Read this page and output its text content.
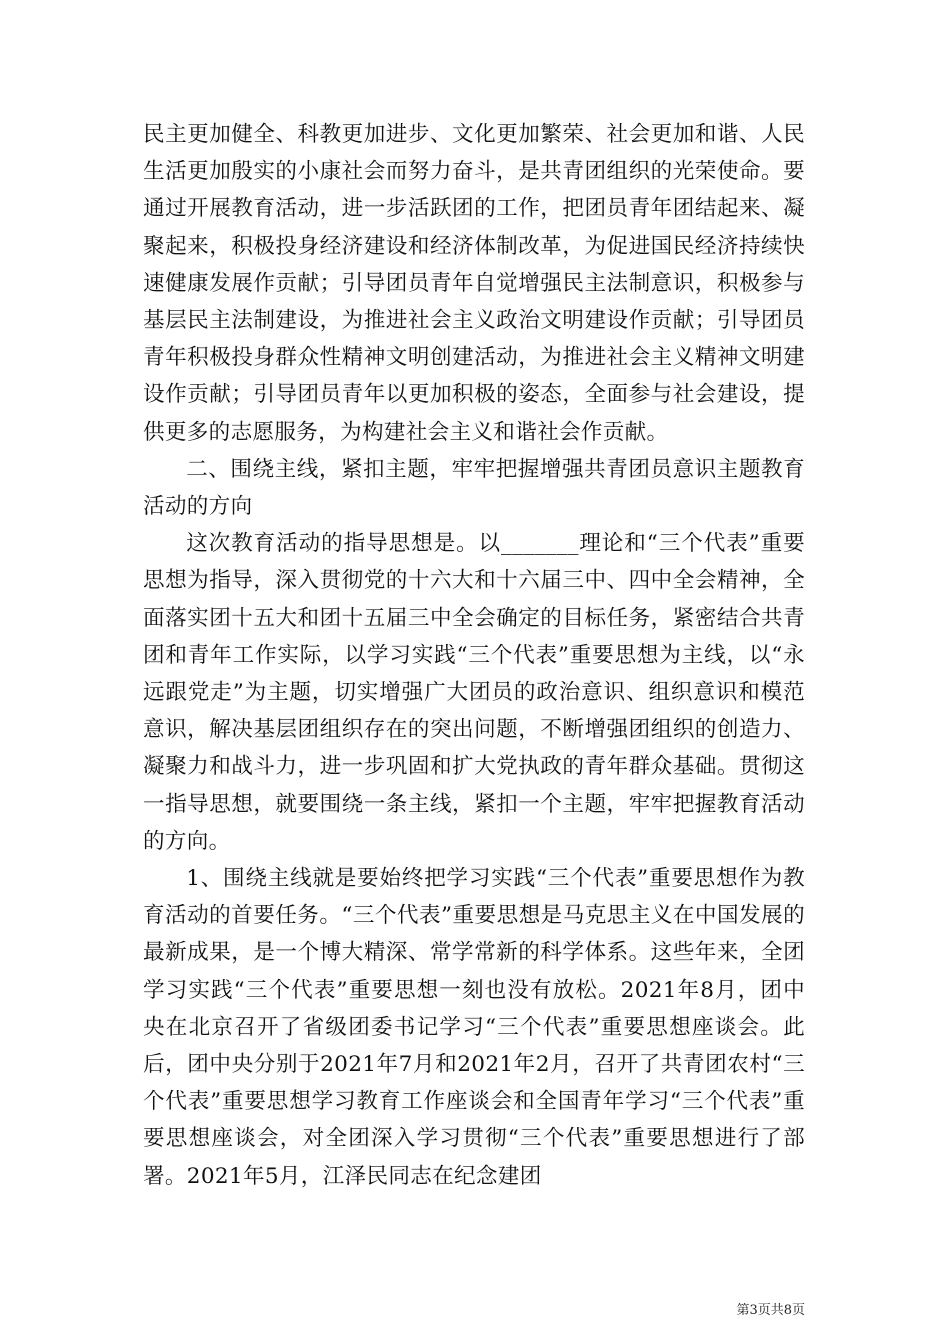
民主更加健全、科教更加进步、文化更加繁荣、社会更加和谐、人民生活更加殷实的小康社会而努力奋斗，是共青团组织的光荣使命。要通过开展教育活动，进一步活跃团的工作，把团员青年团结起来、凝聚起来，积极投身经济建设和经济体制改革，为促进国民经济持续快速健康发展作贡献；引导团员青年自觉增强民主法制意识，积极参与基层民主法制建设，为推进社会主义政治文明建设作贡献；引导团员青年积极投身群众性精神文明创建活动，为推进社会主义精神文明建设作贡献；引导团员青年以更加积极的姿态，全面参与社会建设，提供更多的志愿服务，为构建社会主义和谐社会作贡献。

二、围绕主线，紧扣主题，牢牢把握增强共青团员意识主题教育活动的方向

这次教育活动的指导思想是。以_______理论和“三个代表”重要思想为指导，深入贯彻党的十六大和十六届三中、四中全会精神，全面落实团十五大和团十五届三中全会确定的目标任务，紧密结合共青团和青年工作实际，以学习实践“三个代表”重要思想为主线，以“永远跟党走”为主题，切实增强广大团员的政治意识、组织意识和模范意识，解决基层团组织存在的突出问题，不断增强团组织的创造力、凝聚力和战斗力，进一步巩固和扩大党执政的青年群众基础。贯彻这一指导思想，就要围绕一条主线，紧扣一个主题，牢牢把握教育活动的方向。

1、围绕主线就是要始终把学习实践“三个代表”重要思想作为教育活动的首要任务。“三个代表”重要思想是马克思主义在中国发展的最新成果，是一个博大精深、常学常新的科学体系。这些年来，全团学习实践“三个代表”重要思想一刻也没有放松。2021年8月，团中央在北京召开了省级团委书记学习“三个代表”重要思想座谈会。此后，团中央分别于2021年7月和2021年2月，召开了共青团农村“三个代表”重要思想学习教育工作座谈会和全国青年学习“三个代表”重要思想座谈会，对全团深入学习贯彻“三个代表”重要思想进行了部署。2021年5月，江泽民同志在纪念建团

第3页共8页
